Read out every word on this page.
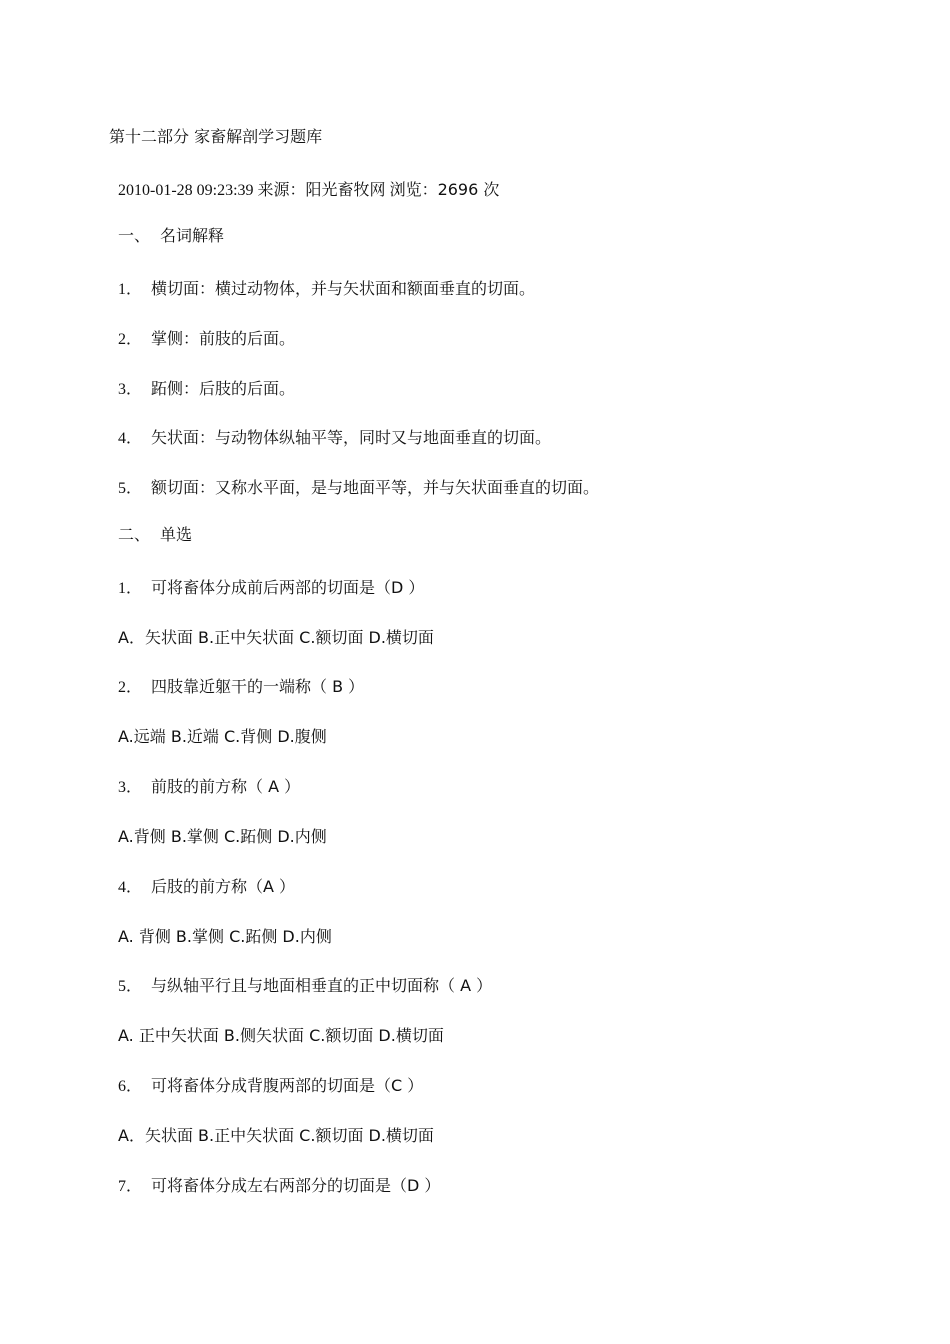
第十二部分 家畜解剖学习题库
2010-01-28 09:23:39 来源：阳光畜牧网 浏览：2696 次
一、 名词解释
1． 横切面：横过动物体，并与矢状面和额面垂直的切面。
2． 掌侧：前肢的后面。
3． 跖侧：后肢的后面。
4． 矢状面：与动物体纵轴平等，同时又与地面垂直的切面。
5． 额切面：又称水平面，是与地面平等，并与矢状面垂直的切面。
二、 单选
1． 可将畜体分成前后两部的切面是（D ）
A．矢状面 B.正中矢状面 C.额切面 D.横切面
2． 四肢靠近躯干的一端称（ B ）
A.远端 B.近端 C.背侧 D.腹侧
3． 前肢的前方称（ A ）
A.背侧 B.掌侧 C.跖侧 D.内侧
4． 后肢的前方称（A ）
A. 背侧 B.掌侧 C.跖侧 D.内侧
5． 与纵轴平行且与地面相垂直的正中切面称（ A ）
A. 正中矢状面 B.侧矢状面 C.额切面 D.横切面
6． 可将畜体分成背腹两部的切面是（C ）
A．矢状面 B.正中矢状面 C.额切面 D.横切面
7． 可将畜体分成左右两部分的切面是（D ）
